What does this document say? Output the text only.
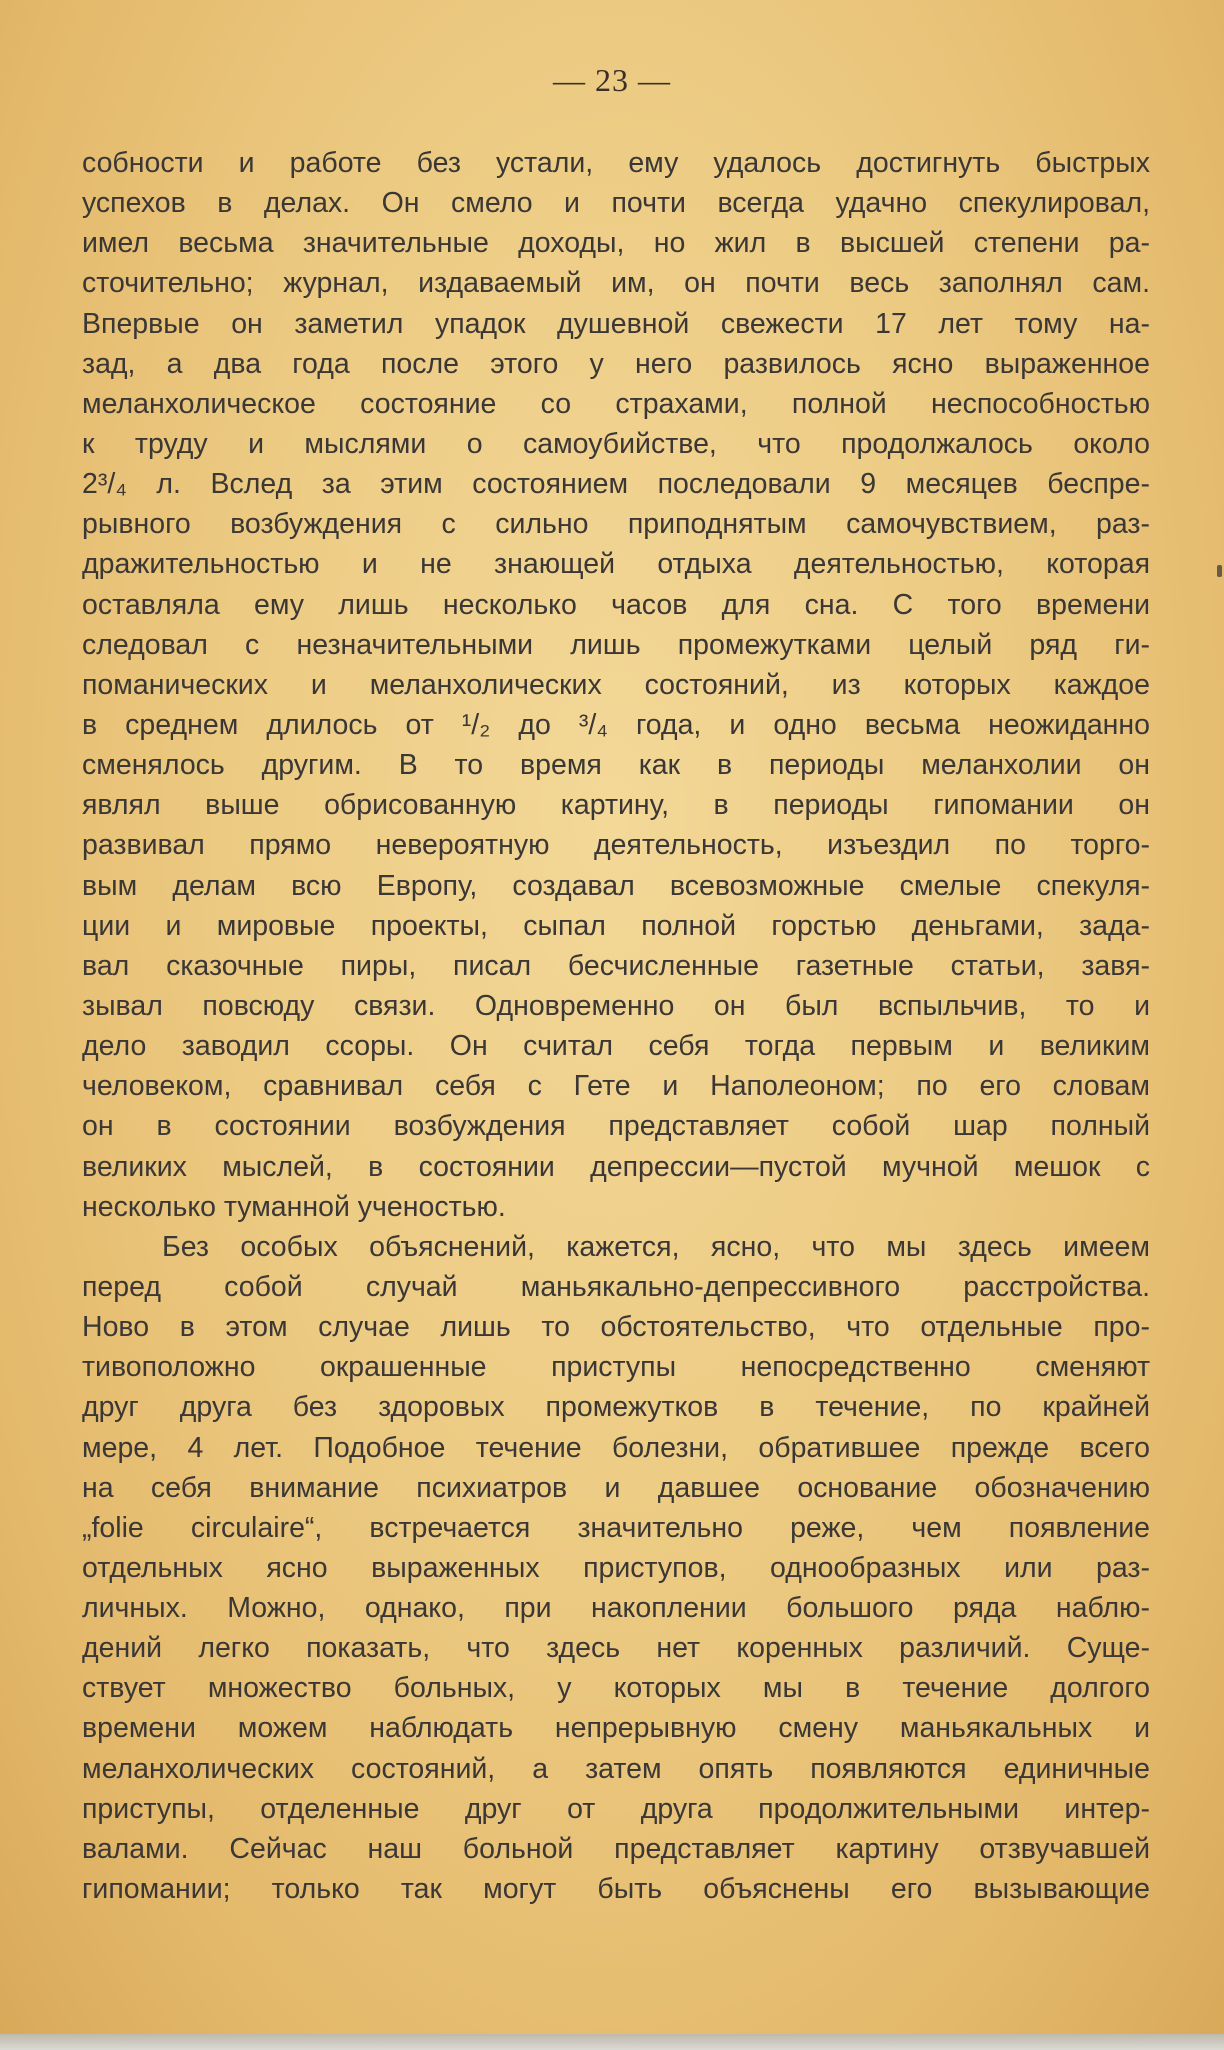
— 23 —
собности и работе без устали, ему удалось достигнуть быстрых
успехов в делах. Он смело и почти всегда удачно спекулировал,
имел весьма значительные доходы, но жил в высшей степени ра-
сточительно; журнал, издаваемый им, он почти весь заполнял сам.
Впервые он заметил упадок душевной свежести 17 лет тому на-
зад, а два года после этого у него развилось ясно выраженное
меланхолическое состояние со страхами, полной неспособностью
к труду и мыслями о самоубийстве, что продолжалось около
2³/₄ л. Вслед за этим состоянием последовали 9 месяцев беспре-
рывного возбуждения с сильно приподнятым самочувствием, раз-
дражительностью и не знающей отдыха деятельностью, которая
оставляла ему лишь несколько часов для сна. С того времени
следовал с незначительными лишь промежутками целый ряд ги-
поманических и меланхолических состояний, из которых каждое
в среднем длилось от ¹/₂ до ³/₄ года, и одно весьма неожиданно
сменялось другим. В то время как в периоды меланхолии он
являл выше обрисованную картину, в периоды гипомании он
развивал прямо невероятную деятельность, изъездил по торго-
вым делам всю Европу, создавал всевозможные смелые спекуля-
ции и мировые проекты, сыпал полной горстью деньгами, зада-
вал сказочные пиры, писал бесчисленные газетные статьи, завя-
зывал повсюду связи. Одновременно он был вспыльчив, то и
дело заводил ссоры. Он считал себя тогда первым и великим
человеком, сравнивал себя с Гете и Наполеоном; по его словам
он в состоянии возбуждения представляет собой шар полный
великих мыслей, в состоянии депрессии—пустой мучной мешок с
несколько туманной ученостью.
Без особых объяснений, кажется, ясно, что мы здесь имеем
перед собой случай маньякально-депрессивного расстройства.
Ново в этом случае лишь то обстоятельство, что отдельные про-
тивоположно окрашенные приступы непосредственно сменяют
друг друга без здоровых промежутков в течение, по крайней
мере, 4 лет. Подобное течение болезни, обратившее прежде всего
на себя внимание психиатров и давшее основание обозначению
„folie circulaire“, встречается значительно реже, чем появление
отдельных ясно выраженных приступов, однообразных или раз-
личных. Можно, однако, при накоплении большого ряда наблю-
дений легко показать, что здесь нет коренных различий. Суще-
ствует множество больных, у которых мы в течение долгого
времени можем наблюдать непрерывную смену маньякальных и
меланхолических состояний, а затем опять появляются единичные
приступы, отделенные друг от друга продолжительными интер-
валами. Сейчас наш больной представляет картину отзвучавшей
гипомании; только так могут быть объяснены его вызывающие
